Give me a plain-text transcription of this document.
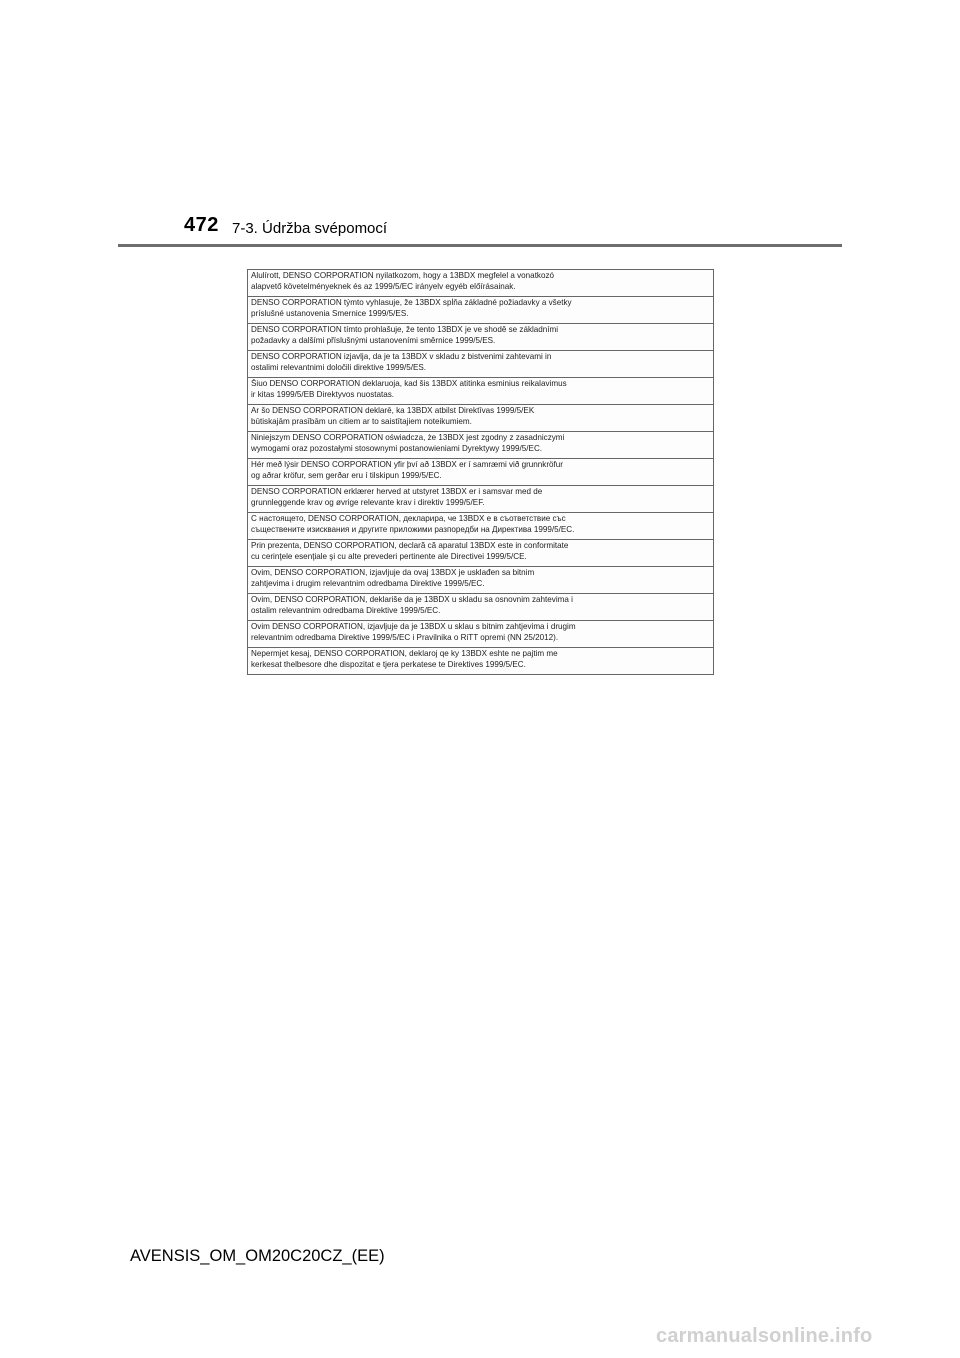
472 7-3. Údržba svépomocí
Alulírott, DENSO CORPORATION nyilatkozom, hogy a 13BDX megfelel a vonatkozó
alapvető követelményeknek és az 1999/5/EC irányelv egyéb előírásainak.

DENSO CORPORATION týmto vyhlasuje, že 13BDX spĺňa základné požiadavky a všetky
príslušné ustanovenia Smernice 1999/5/ES.

DENSO CORPORATION tímto prohlašuje, že tento 13BDX je ve shodě se základními
požadavky a dalšími příslušnými ustanoveními směrnice 1999/5/ES.

DENSO CORPORATION izjavlja, da je ta 13BDX v skladu z bistvenimi zahtevami in
ostalimi relevantnimi določili direktive 1999/5/ES.

Šiuo DENSO CORPORATION deklaruoja, kad šis 13BDX atitinka esminius reikalavimus
ir kitas 1999/5/EB Direktyvos nuostatas.

Ar šo DENSO CORPORATION deklarē, ka 13BDX atbilst Direktīvas 1999/5/EK
būtiskajām prasībām un citiem ar to saistītajiem noteikumiem.

Niniejszym DENSO CORPORATION oświadcza, że 13BDX jest zgodny z zasadniczymi
wymogami oraz pozostałymi stosownymi postanowieniami Dyrektywy 1999/5/EC.

Hér með lýsir DENSO CORPORATION yfir því að 13BDX er í samræmi við grunnkröfur
og aðrar kröfur, sem gerðar eru í tilskipun 1999/5/EC.

DENSO CORPORATION erklærer herved at utstyret 13BDX er i samsvar med de
grunnleggende krav og øvrige relevante krav i direktiv 1999/5/EF.

С настоящето, DENSO CORPORATION, декларира, че 13BDX е в съответствие със
съществените изисквания и другите приложими разпоредби на Директива 1999/5/EC.

Prin prezenta, DENSO CORPORATION, declară că aparatul 13BDX este in conformitate
cu cerinţele esenţiale şi cu alte prevederi pertinente ale Directivei 1999/5/CE.

Ovim, DENSO CORPORATION, izjavljuje da ovaj 13BDX je usklađen sa bitnim
zahtjevima i drugim relevantnim odredbama Direktive 1999/5/EC.

Ovim, DENSO CORPORATION, deklariše da je 13BDX u skladu sa osnovnim zahtevima i
ostalim relevantnim odredbama Direktive 1999/5/EC.

Ovim DENSO CORPORATION, izjavljuje da je 13BDX u sklau s bitnim zahtjevima i drugim
relevantnim odredbama Direktive 1999/5/EC i Pravilnika o RiTT opremi (NN 25/2012).

Nepermjet kesaj, DENSO CORPORATION, deklaroj qe ky 13BDX eshte ne pajtim me
kerkesat thelbesore dhe dispozitat e tjera perkatese te Direktives 1999/5/EC.
AVENSIS_OM_OM20C20CZ_(EE)
carmanualsonline.info
